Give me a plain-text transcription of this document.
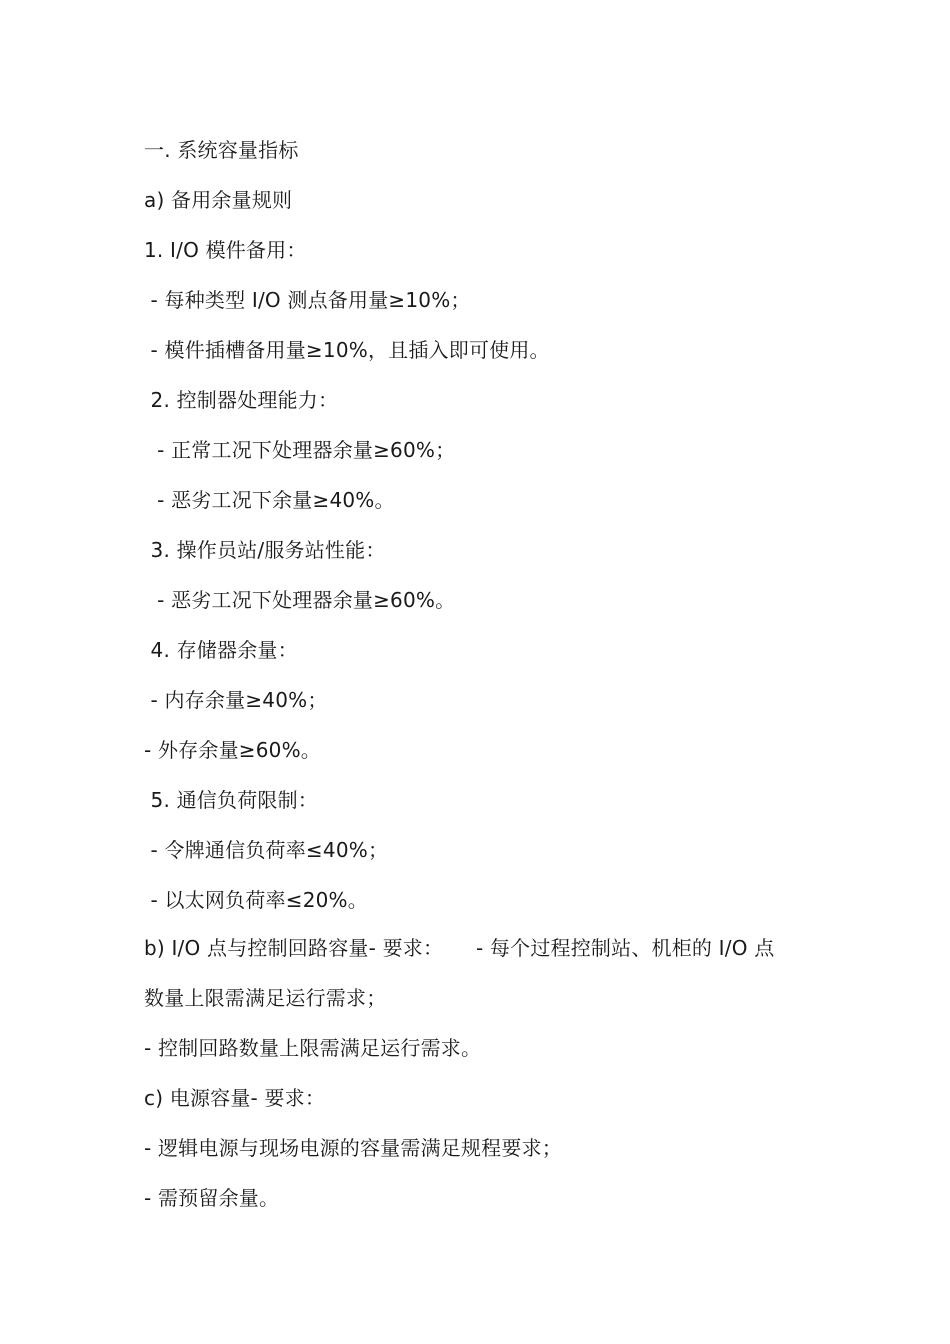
一. 系统容量指标
a) 备用余量规则
1. I/O 模件备用：
- 每种类型 I/O 测点备用量≥10%；
- 模件插槽备用量≥10%，且插入即可使用。
2. 控制器处理能力：
- 正常工况下处理器余量≥60%；
- 恶劣工况下余量≥40%。
3. 操作员站/服务站性能：
- 恶劣工况下处理器余量≥60%。
4. 存储器余量：
- 内存余量≥40%；
- 外存余量≥60%。
5. 通信负荷限制：
- 令牌通信负荷率≤40%；
- 以太网负荷率≤20%。
b) I/O 点与控制回路容量- 要求：     - 每个过程控制站、机柜的 I/O 点
数量上限需满足运行需求；
- 控制回路数量上限需满足运行需求。
c) 电源容量- 要求：
- 逻辑电源与现场电源的容量需满足规程要求；
- 需预留余量。
